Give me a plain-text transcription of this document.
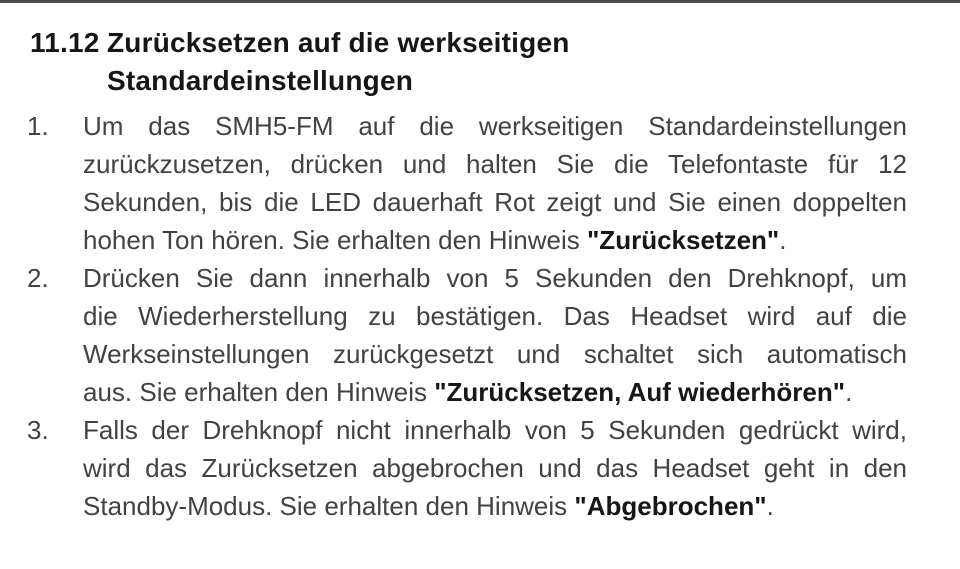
11.12 Zurücksetzen auf die werkseitigen
Standardeinstellungen
1. Um das SMH5-FM auf die werkseitigen Standardeinstellungen
zurückzusetzen, drücken und halten Sie die Telefontaste für 12
Sekunden, bis die LED dauerhaft Rot zeigt und Sie einen doppelten
hohen Ton hören. Sie erhalten den Hinweis "Zurücksetzen".
2. Drücken Sie dann innerhalb von 5 Sekunden den Drehknopf, um
die Wiederherstellung zu bestätigen. Das Headset wird auf die
Werkseinstellungen zurückgesetzt und schaltet sich automatisch
aus. Sie erhalten den Hinweis "Zurücksetzen, Auf wiederhören".
3. Falls der Drehknopf nicht innerhalb von 5 Sekunden gedrückt wird,
wird das Zurücksetzen abgebrochen und das Headset geht in den
Standby-Modus. Sie erhalten den Hinweis "Abgebrochen".
